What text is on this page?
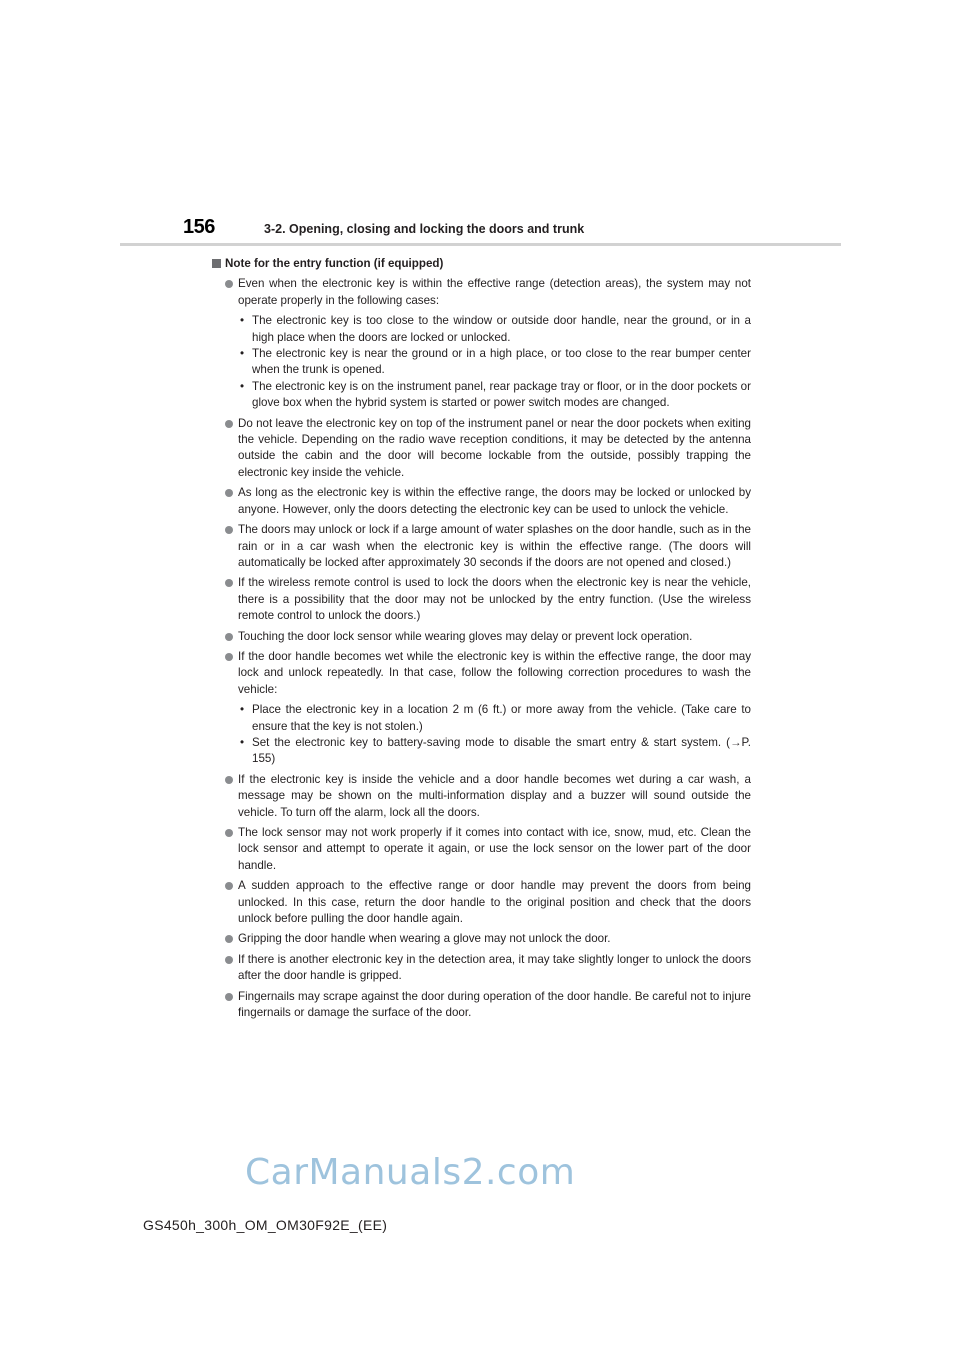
156	3-2. Opening, closing and locking the doors and trunk
Note for the entry function (if equipped)
Even when the electronic key is within the effective range (detection areas), the system may not operate properly in the following cases:
• The electronic key is too close to the window or outside door handle, near the ground, or in a high place when the doors are locked or unlocked.
• The electronic key is near the ground or in a high place, or too close to the rear bumper center when the trunk is opened.
• The electronic key is on the instrument panel, rear package tray or floor, or in the door pockets or glove box when the hybrid system is started or power switch modes are changed.
Do not leave the electronic key on top of the instrument panel or near the door pockets when exiting the vehicle. Depending on the radio wave reception conditions, it may be detected by the antenna outside the cabin and the door will become lockable from the outside, possibly trapping the electronic key inside the vehicle.
As long as the electronic key is within the effective range, the doors may be locked or unlocked by anyone. However, only the doors detecting the electronic key can be used to unlock the vehicle.
The doors may unlock or lock if a large amount of water splashes on the door handle, such as in the rain or in a car wash when the electronic key is within the effective range. (The doors will automatically be locked after approximately 30 seconds if the doors are not opened and closed.)
If the wireless remote control is used to lock the doors when the electronic key is near the vehicle, there is a possibility that the door may not be unlocked by the entry function. (Use the wireless remote control to unlock the doors.)
Touching the door lock sensor while wearing gloves may delay or prevent lock operation.
If the door handle becomes wet while the electronic key is within the effective range, the door may lock and unlock repeatedly. In that case, follow the following correction procedures to wash the vehicle:
• Place the electronic key in a location 2 m (6 ft.) or more away from the vehicle. (Take care to ensure that the key is not stolen.)
• Set the electronic key to battery-saving mode to disable the smart entry & start system. (→P. 155)
If the electronic key is inside the vehicle and a door handle becomes wet during a car wash, a message may be shown on the multi-information display and a buzzer will sound outside the vehicle. To turn off the alarm, lock all the doors.
The lock sensor may not work properly if it comes into contact with ice, snow, mud, etc. Clean the lock sensor and attempt to operate it again, or use the lock sensor on the lower part of the door handle.
A sudden approach to the effective range or door handle may prevent the doors from being unlocked. In this case, return the door handle to the original position and check that the doors unlock before pulling the door handle again.
Gripping the door handle when wearing a glove may not unlock the door.
If there is another electronic key in the detection area, it may take slightly longer to unlock the doors after the door handle is gripped.
Fingernails may scrape against the door during operation of the door handle. Be careful not to injure fingernails or damage the surface of the door.
CarManuals2.com
GS450h_300h_OM_OM30F92E_(EE)
